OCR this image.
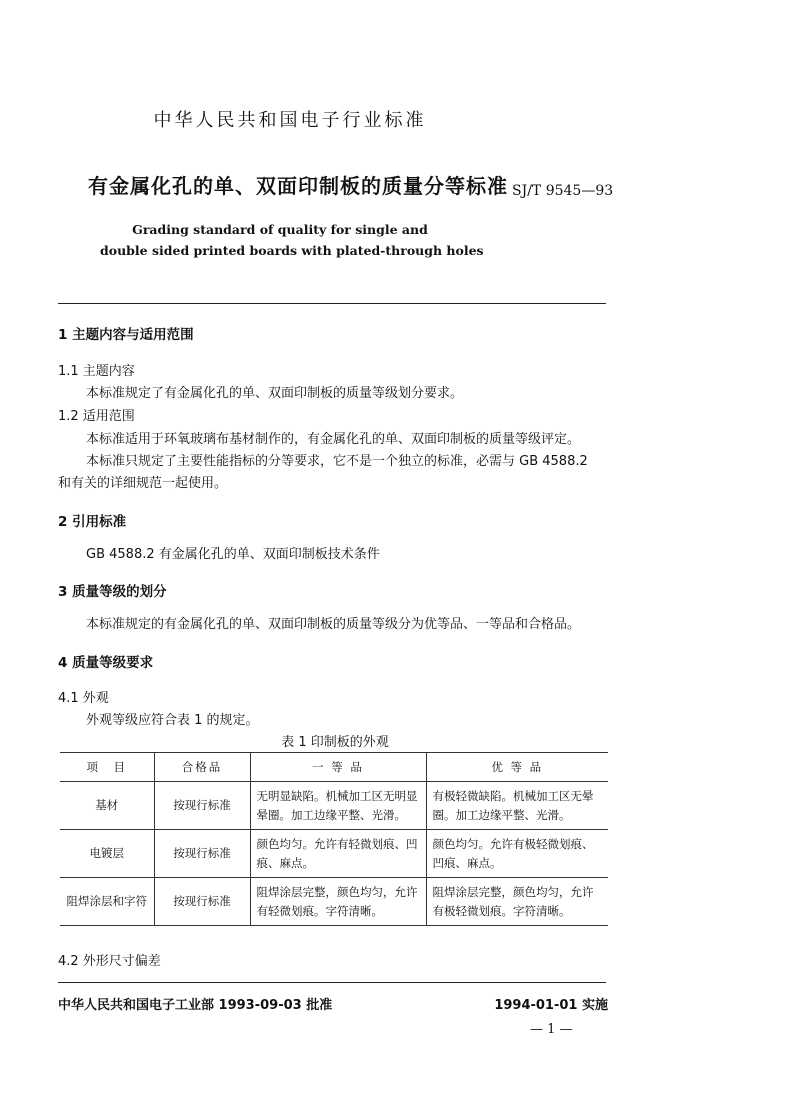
中华人民共和国电子行业标准
有金属化孔的单、双面印制板的质量分等标准 SJ/T 9545—93
Grading standard of quality for single and
double sided printed boards with plated-through holes
1 主题内容与适用范围
1.1 主题内容
本标准规定了有金属化孔的单、双面印制板的质量等级划分要求。
1.2 适用范围
本标准适用于环氧玻璃布基材制作的，有金属化孔的单、双面印制板的质量等级评定。
本标准只规定了主要性能指标的分等要求，它不是一个独立的标准，必需与 GB 4588.2
和有关的详细规范一起使用。
2 引用标准
GB 4588.2 有金属化孔的单、双面印制板技术条件
3 质量等级的划分
本标准规定的有金属化孔的单、双面印制板的质量等级分为优等品、一等品和合格品。
4 质量等级要求
4.1 外观
外观等级应符合表 1 的规定。
表 1 印制板的外观
项　目	合格品	一 等 品	优 等 品
基材	按现行标准	无明显缺陷。机械加工区无明显晕圈。加工边缘平整、光滑。	有极轻微缺陷。机械加工区无晕圈。加工边缘平整、光滑。
电镀层	按现行标准	颜色均匀。允许有轻微划痕、凹痕、麻点。	颜色均匀。允许有极轻微划痕、凹痕、麻点。
阻焊涂层和字符	按现行标准	阻焊涂层完整，颜色均匀，允许有轻微划痕。字符清晰。	阻焊涂层完整，颜色均匀，允许有极轻微划痕。字符清晰。
4.2 外形尺寸偏差
中华人民共和国电子工业部 1993-09-03 批准	1994-01-01 实施
— 1 —
